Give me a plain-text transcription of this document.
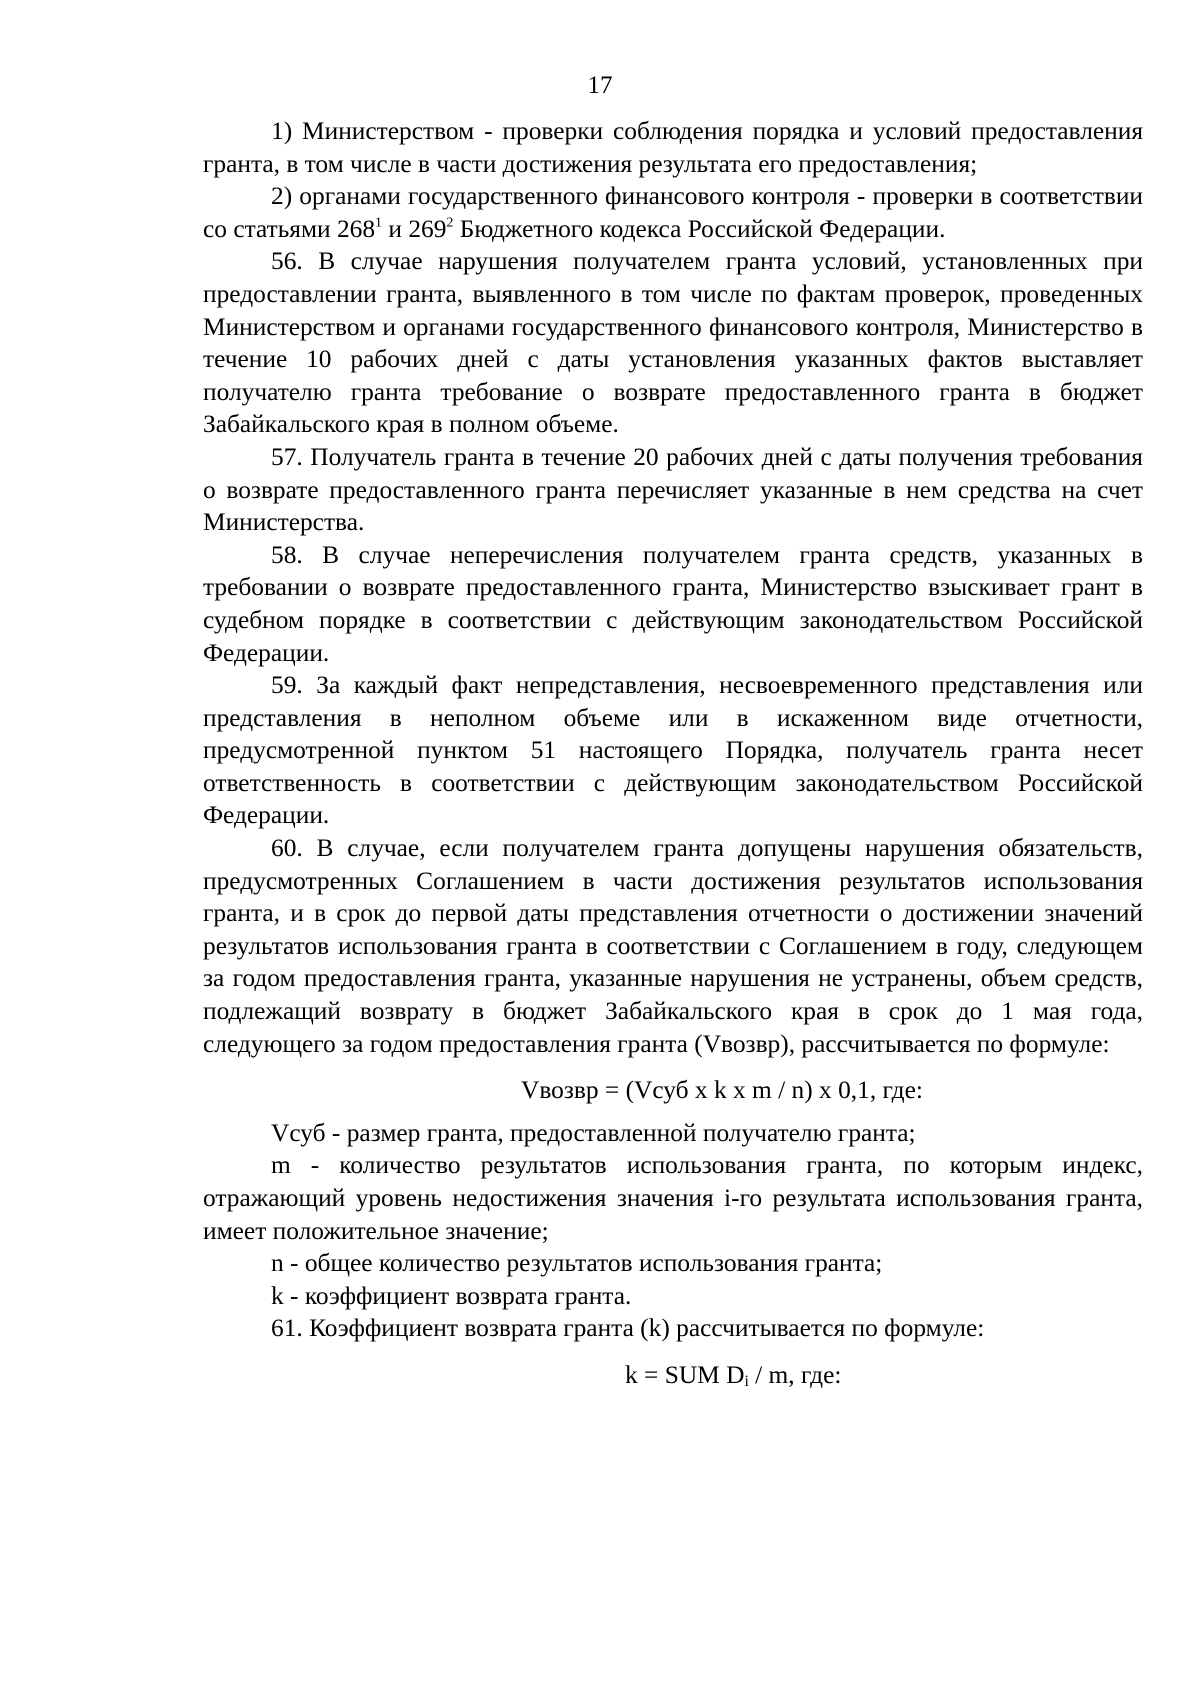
17

1) Министерством - проверки соблюдения порядка и условий предоставления гранта, в том числе в части достижения результата его предоставления;

2) органами государственного финансового контроля - проверки в соответствии со статьями $268^1$ и $269^2$ Бюджетного кодекса Российской Федерации.

56. В случае нарушения получателем гранта условий, установленных при предоставлении гранта, выявленного в том числе по фактам проверок, проведенных Министерством и органами государственного финансового контроля, Министерство в течение 10 рабочих дней с даты установления указанных фактов выставляет получателю гранта требование о возврате предоставленного гранта в бюджет Забайкальского края в полном объеме.

57. Получатель гранта в течение 20 рабочих дней с даты получения требования о возврате предоставленного гранта перечисляет указанные в нем средства на счет Министерства.

58. В случае неперечисления получателем гранта средств, указанных в требовании о возврате предоставленного гранта, Министерство взыскивает грант в судебном порядке в соответствии с действующим законодательством Российской Федерации.

59. За каждый факт непредставления, несвоевременного представления или представления в неполном объеме или в искаженном виде отчетности, предусмотренной пунктом 51 настоящего Порядка, получатель гранта несет ответственность в соответствии с действующим законодательством Российской Федерации.

60. В случае, если получателем гранта допущены нарушения обязательств, предусмотренных Соглашением в части достижения результатов использования гранта, и в срок до первой даты представления отчетности о достижении значений результатов использования гранта в соответствии с Соглашением в году, следующем за годом предоставления гранта, указанные нарушения не устранены, объем средств, подлежащий возврату в бюджет Забайкальского края в срок до 1 мая года, следующего за годом предоставления гранта (Vвозвр), рассчитывается по формуле:

Vвозвр = (Vсуб x k x m / n) x 0,1, где:

Vсуб - размер гранта, предоставленной получателю гранта;

m - количество результатов использования гранта, по которым индекс, отражающий уровень недостижения значения i-го результата использования гранта, имеет положительное значение;

n - общее количество результатов использования гранта;

k - коэффициент возврата гранта.

61. Коэффициент возврата гранта (k) рассчитывается по формуле:

k = SUM $D_i$ / m, где:
